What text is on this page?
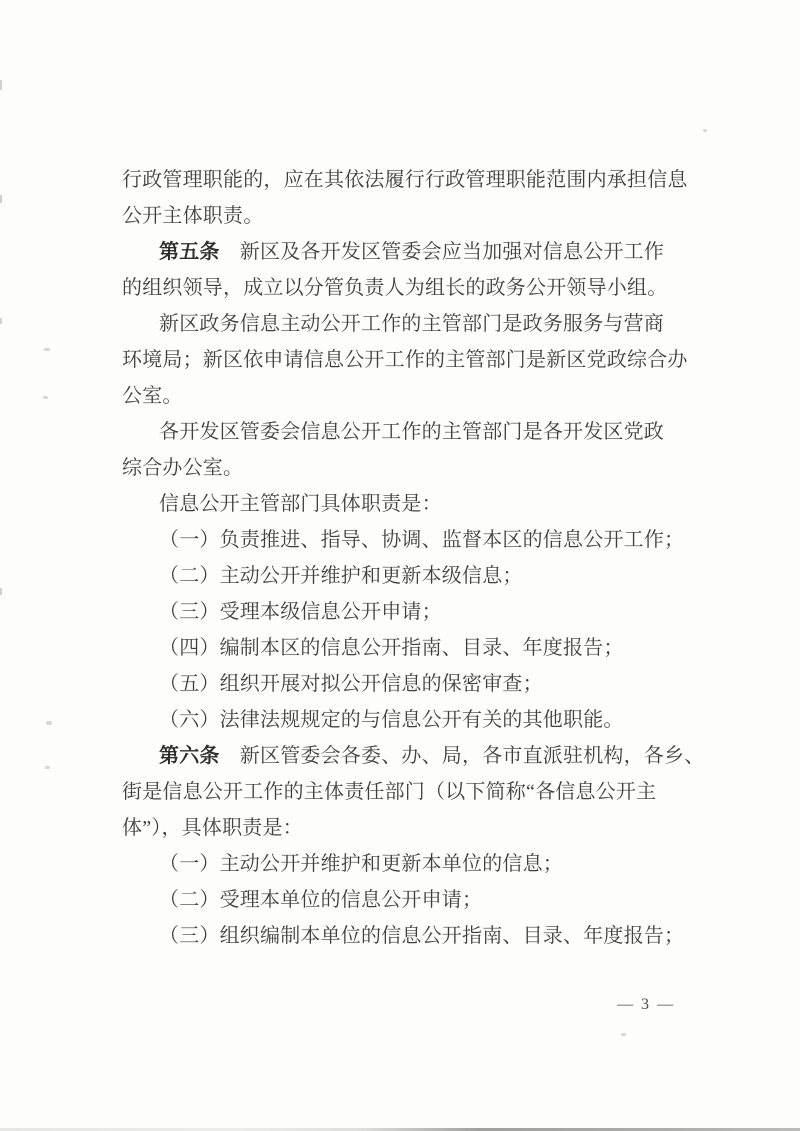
行政管理职能的，应在其依法履行行政管理职能范围内承担信息
公开主体职责。
第五条　新区及各开发区管委会应当加强对信息公开工作
的组织领导，成立以分管负责人为组长的政务公开领导小组。
新区政务信息主动公开工作的主管部门是政务服务与营商
环境局；新区依申请信息公开工作的主管部门是新区党政综合办
公室。
各开发区管委会信息公开工作的主管部门是各开发区党政
综合办公室。
信息公开主管部门具体职责是：
（一）负责推进、指导、协调、监督本区的信息公开工作；
（二）主动公开并维护和更新本级信息；
（三）受理本级信息公开申请；
（四）编制本区的信息公开指南、目录、年度报告；
（五）组织开展对拟公开信息的保密审查；
（六）法律法规规定的与信息公开有关的其他职能。
第六条　新区管委会各委、办、局，各市直派驻机构，各乡、
街是信息公开工作的主体责任部门（以下简称“各信息公开主
体”），具体职责是：
（一）主动公开并维护和更新本单位的信息；
（二）受理本单位的信息公开申请；
（三）组织编制本单位的信息公开指南、目录、年度报告；
— 3 —
